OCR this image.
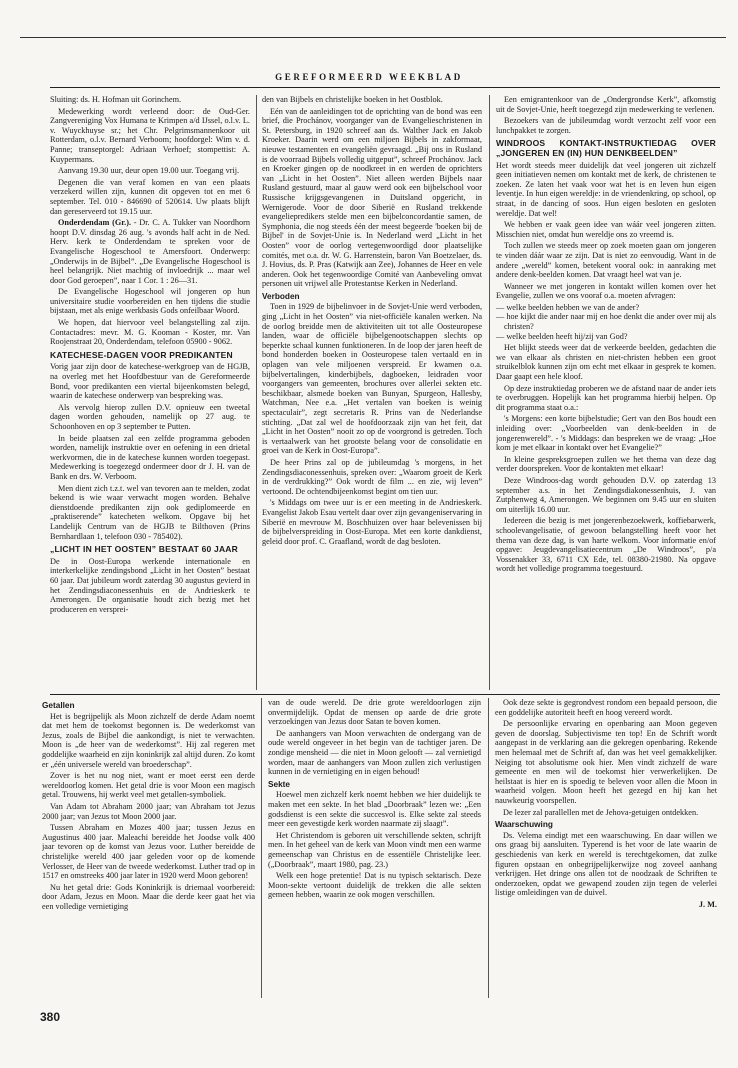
GEREFORMEERD WEEKBLAD

Sluiting: ds. H. Hofman uit Gorinchem.

Medewerking wordt verleend door: de Oud-Ger. Zangvereniging Vox Humana te Krimpen a/d IJssel, o.l.v. L. v. Wuyckhuyse sr.; het Chr. Pelgrimsmannenkoor uit Rotterdam, o.l.v. Bernard Verboom; hoofdorgel: Wim v. d. Panne; transeptorgel: Adriaan Verhoef; stompettist: A. Kuypermans.

Aanvang 19.30 uur, deur open 19.00 uur. Toegang vrij.

Degenen die van veraf komen en van een plaats verzekerd willen zijn, kunnen dit opgeven tot en met 6 september. Tel. 010 - 846690 of 520614. Uw plaats blijft dan gereserveerd tot 19.15 uur.

Onderdendam (Gr.). - Dr. C. A. Tukker van Noordhorn hoopt D.V. dinsdag 26 aug. 's avonds half acht in de Ned. Herv. kerk te Onderdendam te spreken voor de Evangelische Hogeschool te Amersfoort. Onderwerp: „Onderwijs in de Bijbel”. „De Evangelische Hogeschool is heel belangrijk. Niet machtig of invloedrijk ... maar wel door God geroepen”, naar 1 Cor. 1 : 26—31.

De Evangelische Hogeschool wil jongeren op hun universitaire studie voorbereiden en hen tijdens die studie bijstaan, met als enige werkbasis Gods onfeilbaar Woord.

We hopen, dat hiervoor veel belangstelling zal zijn. Contactadres: mevr. M. G. Kooman - Koster, mr. Van Roojenstraat 20, Onderdendam, telefoon 05900 - 9062.

KATECHESE-DAGEN VOOR PREDIKANTEN

Vorig jaar zijn door de katechese-werkgroep van de HGJB, na overleg met het Hoofdbestuur van de Gereformeerde Bond, voor predikanten een viertal bijeenkomsten belegd, waarin de katechese onderwerp van bespreking was.

Als vervolg hierop zullen D.V. opnieuw een tweetal dagen worden gehouden, namelijk op 27 aug. te Schoonhoven en op 3 september te Putten.

In beide plaatsen zal een zelfde programma geboden worden, namelijk instruktie over en oefening in een drietal werkvormen, die in de katechese kunnen worden toegepast. Medewerking is toegezegd ondermeer door dr J. H. van de Bank en drs. W. Verboom.

Men dient zich t.z.t. wel van tevoren aan te melden, zodat bekend is wie waar verwacht mogen worden. Behalve dienstdoende predikanten zijn ook gediplomeerde en „praktiserende” katecheten welkom. Opgave bij het Landelijk Centrum van de HGJB te Bilthoven (Prins Bernhardlaan 1, telefoon 030 - 785402).

„LICHT IN HET OOSTEN” BESTAAT 60 JAAR

De in Oost-Europa werkende internationale en interkerkelijke zendingsbond „Licht in het Oosten” bestaat 60 jaar. Dat jubileum wordt zaterdag 30 augustus gevierd in het Zendingsdiaconessenhuis en de Andrieskerk te Amerongen. De organisatie houdt zich bezig met het produceren en versprei-

den van Bijbels en christelijke boeken in het Oostblok.

Eén van de aanleidingen tot de oprichting van de bond was een brief, die Prochánov, voorganger van de Evangelieschristenen in St. Petersburg, in 1920 schreef aan ds. Walther Jack en Jakob Kroeker. Daarin werd om een miljoen Bijbels in zakformaat, nieuwe testamenten en evangeliën gevraagd. „Bij ons in Rusland is de voorraad Bijbels volledig uitgeput”, schreef Prochánov. Jack en Kroeker gingen op de noodkreet in en werden de oprichters van „Licht in het Oosten”. Niet alleen werden Bijbels naar Rusland gestuurd, maar al gauw werd ook een bijbelschool voor Russische krijgsgevangenen in Duitsland opgericht, in Wernigerode. Voor de door Siberië en Rusland trekkende evangeliepredikers stelde men een bijbelconcordantie samen, de Symphonia, die nog steeds één der meest begeerde 'boeken bij de Bijbel' in de Sovjet-Unie is. In Nederland werd „Licht in het Oosten” voor de oorlog vertegenwoordigd door plaatselijke comités, met o.a. dr. W. G. Harrenstein, baron Van Boetzelaer, ds. J. Hovius, ds. P. Pras (Katwijk aan Zee), Johannes de Heer en vele anderen. Ook het tegenwoordige Comité van Aanbeveling omvat personen uit vrijwel alle Protestantse Kerken in Nederland.

Verboden

Toen in 1929 de bijbelinvoer in de Sovjet-Unie werd verboden, ging „Licht in het Oosten” via niet-officiële kanalen werken. Na de oorlog breidde men de aktiviteiten uit tot alle Oosteuropese landen, waar de officiële bijbelgenootschappen slechts op beperkte schaal kunnen funktioneren. In de loop der jaren heeft de bond honderden boeken in Oosteuropese talen vertaald en in oplagen van vele miljoenen verspreid. Er kwamen o.a. bijbelvertalingen, kinderbijbels, dagboeken, leidraden voor voorgangers van gemeenten, brochures over allerlei sekten etc. beschikbaar, alsmede boeken van Bunyan, Spurgeon, Hallesby, Watchman, Nee e.a. „Het vertalen van boeken is weinig spectaculair”, zegt secretaris R. Prins van de Nederlandse stichting. „Dat zal wel de hoofdoorzaak zijn van het feit, dat „Licht in het Oosten” nooit zo op de voorgrond is getreden. Toch is vertaalwerk van het grootste belang voor de consolidatie en groei van de Kerk in Oost-Europa”.

De heer Prins zal op de jubileumdag 's morgens, in het Zendingsdiaconessenhuis, spreken over: „Waarom groeit de Kerk in de verdrukking?” Ook wordt de film ... en zie, wij leven” vertoond. De ochtendbijeenkomst begint om tien uur.

's Middags om twee uur is er een meeting in de Andrieskerk. Evangelist Jakob Esau vertelt daar over zijn gevangeniservaring in Siberië en mevrouw M. Boschhuizen over haar belevenissen bij de bijbelverspreiding in Oost-Europa. Met een korte dankdienst, geleid door prof. C. Graafland, wordt de dag besloten.

Een emigrantenkoor van de „Ondergrondse Kerk”, afkomstig uit de Sovjet-Unie, heeft toegezegd zijn medewerking te verlenen.

Bezoekers van de jubileumdag wordt verzocht zelf voor een lunchpakket te zorgen.

WINDROOS KONTAKT-INSTRUKTIEDAG OVER „JONGEREN EN (IN) HUN DENKBEELDEN”

Het wordt steeds meer duidelijk dat veel jongeren uit zichzelf geen initiatieven nemen om kontakt met de kerk, de christenen te zoeken. Ze laten het vaak voor wat het is en leven hun eigen leventje. In hun eigen wereldje: in de vriendenkring, op school, op straat, in de dancing of soos. Hun eigen besloten en gesloten wereldje. Dat wel!

We hebben er vaak geen idee van wáár veel jongeren zitten. Misschien niet, omdat hun wereldje ons zo vreemd is.

Toch zullen we steeds meer op zoek moeten gaan om jongeren te vinden dáár waar ze zijn. Dat is niet zo eenvoudig. Want in de andere „wereld” komen, betekent vooral ook: in aanraking met andere denk-beelden komen. Dat vraagt heel wat van je.

Wanneer we met jongeren in kontakt willen komen over het Evangelie, zullen we ons vooraf o.a. moeten afvragen:

— welke beelden hebben we van de ander?
— hoe kijkt die ander naar mij en hoe denkt die ander over mij als christen?
— welke beelden heeft hij/zij van God?

Het blijkt steeds weer dat de verkeerde beelden, gedachten die we van elkaar als christen en niet-christen hebben een groot struikelblok kunnen zijn om echt met elkaar in gesprek te komen. Daar gaapt een hele kloof.

Op deze instruktiedag proberen we de afstand naar de ander iets te overbruggen. Hopelijk kan het programma hierbij helpen. Op dit programma staat o.a.:

's Morgens: een korte bijbelstudie; Gert van den Bos houdt een inleiding over: „Voorbeelden van denk-beelden in de jongerenwereld”. - 's Middags: dan bespreken we de vraag: „Hoe kom je met elkaar in kontakt over het Evangelie?”

In kleine gespreksgroepen zullen we het thema van deze dag verder doorspreken. Voor de kontakten met elkaar!

Deze Windroos-dag wordt gehouden D.V. op zaterdag 13 september a.s. in het Zendingsdiakonessenhuis, J. van Zutphenweg 4, Amerongen. We beginnen om 9.45 uur en sluiten om uiterlijk 16.00 uur.

Iedereen die bezig is met jongerenbezoekwerk, koffiebarwerk, schoolevangelisatie, of gewoon belangstelling heeft voor het thema van deze dag, is van harte welkom. Voor informatie en/of opgave: Jeugdevangelisatiecentrum „De Windroos”, p/a Vossenakker 33, 6711 CX Ede, tel. 08380-21980. Na opgave wordt het volledige programma toegestuurd.

Getallen

Het is begrijpelijk als Moon zichzelf de derde Adam noemt dat met hem de toekomst begonnen is. De wederkomst van Jezus, zoals de Bijbel die aankondigt, is niet te verwachten. Moon is „de heer van de wederkomst”. Hij zal regeren met goddelijke waarheid en zijn koninkrijk zal altijd duren. Zo komt er „één universele wereld van broederschap”.

Zover is het nu nog niet, want er moet eerst een derde wereldoorlog komen. Het getal drie is voor Moon een magisch getal. Trouwens, hij werkt veel met getallen-symboliek.

Van Adam tot Abraham 2000 jaar; van Abraham tot Jezus 2000 jaar; van Jezus tot Moon 2000 jaar.

Tussen Abraham en Mozes 400 jaar; tussen Jezus en Augustinus 400 jaar. Maleachi bereidde het Joodse volk 400 jaar tevoren op de komst van Jezus voor. Luther bereidde de christelijke wereld 400 jaar geleden voor op de komende Verlosser, de Heer van de tweede wederkomst. Luther trad op in 1517 en omstreeks 400 jaar later in 1920 werd Moon geboren!

Nu het getal drie: Gods Koninkrijk is driemaal voorbereid: door Adam, Jezus en Moon. Maar die derde keer gaat het via een volledige vernietiging

van de oude wereld. De drie grote wereldoorlogen zijn onvermijdelijk. Opdat de mensen op aarde de drie grote verzoekingen van Jezus door Satan te boven komen.

De aanhangers van Moon verwachten de ondergang van de oude wereld ongeveer in het begin van de tachtiger jaren. De zondige mensheid — die niet in Moon gelooft — zal vernietigd worden, maar de aanhangers van Moon zullen zich verlustigen kunnen in de vernietiging en in eigen behoud!

Sekte

Hoewel men zichzelf kerk noemt hebben we hier duidelijk te maken met een sekte. In het blad „Doorbraak” lezen we: „Een godsdienst is een sekte die succesvol is. Elke sekte zal steeds meer een gevestigde kerk worden naarmate zij slaagt”.

Het Christendom is geboren uit verschillende sekten, schrijft men. In het geheel van de kerk van Moon vindt men een warme gemeenschap van Christus en de essentiële Christelijke leer. („Doorbraak”, maart 1980, pag. 23.)

Welk een hoge pretentie! Dat is nu typisch sektarisch. Deze Moon-sekte vertoont duidelijk de trekken die alle sekten gemeen hebben, waarin ze ook mogen verschillen.

Ook deze sekte is gegrondvest rondom een bepaald persoon, die een goddelijke autoriteit heeft en hoog vereerd wordt.

De persoonlijke ervaring en openbaring aan Moon gegeven geven de doorslag. Subjectivisme ten top! En de Schrift wordt aangepast in de verklaring aan die gekregen openbaring. Rekende men helemaal met de Schrift af, dan was het veel gemakkelijker. Neiging tot absolutisme ook hier. Men vindt zichzelf de ware gemeente en men wil de toekomst hier verwerkelijken. De heilstaat is hier en is spoedig te beleven voor allen die Moon in waarheid volgen. Moon heeft het gezegd en hij kan het nauwkeurig voorspellen.

De lezer zal parallellen met de Jehova-getuigen ontdekken.

Waarschuwing

Ds. Velema eindigt met een waarschuwing. En daar willen we ons graag bij aansluiten. Typerend is het voor de late waarin de geschiedenis van kerk en wereld is terechtgekomen, dat zulke figuren opstaan en onbegrijpelijkerwijze nog zoveel aanhang verkrijgen. Het dringe ons allen tot de noodzaak de Schriften te onderzoeken, opdat we gewapend zouden zijn tegen de velerlei listige omleidingen van de duivel.

J. M.
380
